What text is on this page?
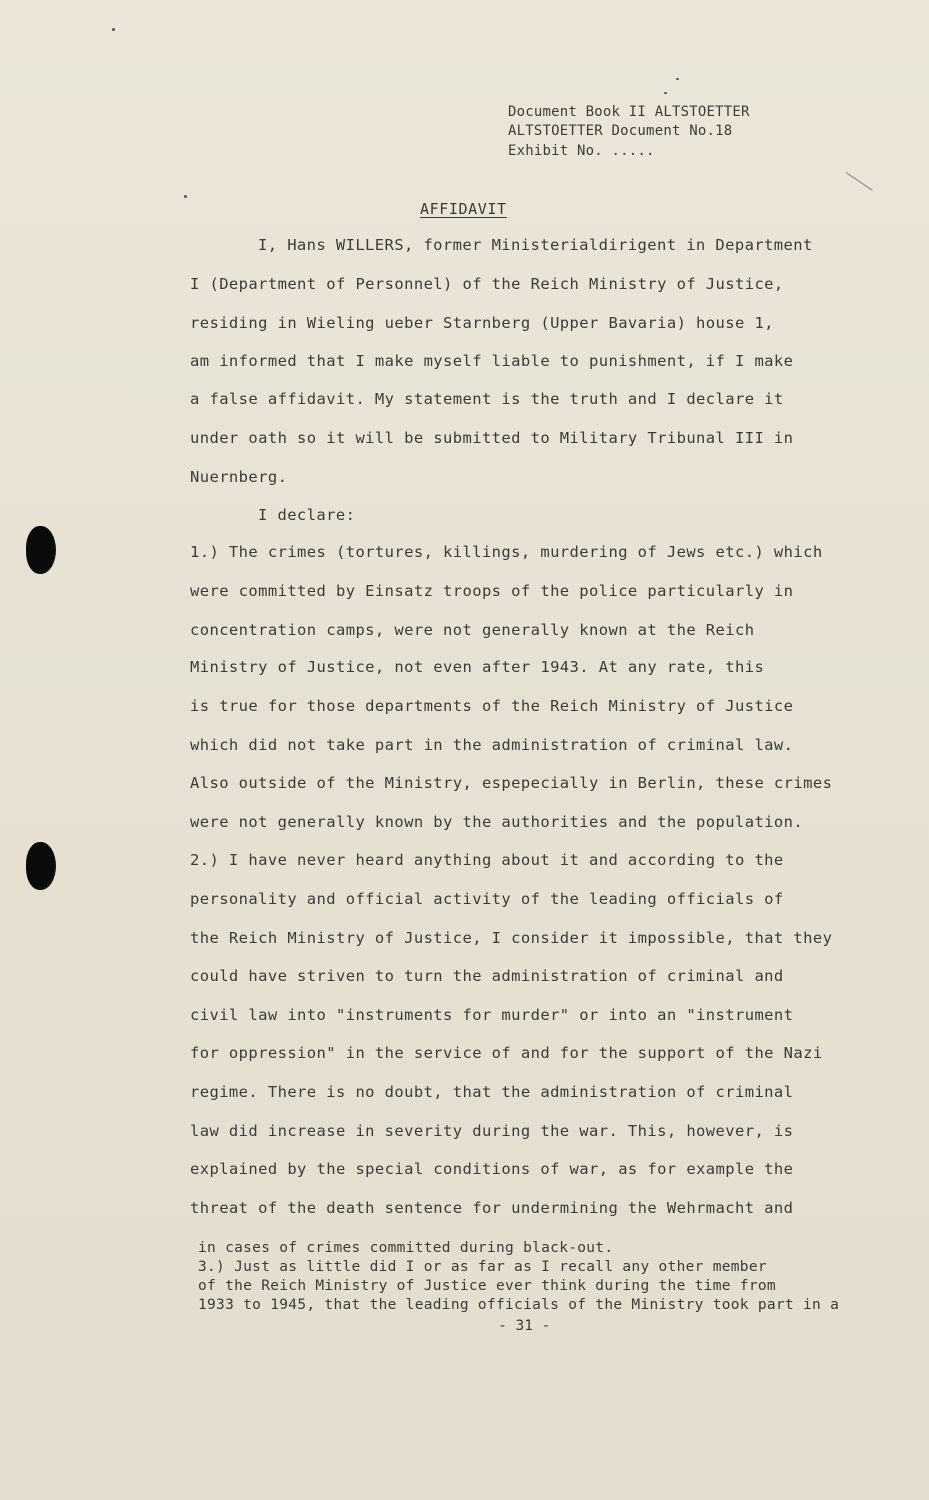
Document Book II ALTSTOETTER
ALTSTOETTER Document No.18
Exhibit No. .....
AFFIDAVIT
I, Hans WILLERS, former Ministerialdirigent in Department
I (Department of Personnel) of the Reich Ministry of Justice,
residing in Wieling ueber Starnberg (Upper Bavaria) house 1,
am informed that I make myself liable to punishment, if I make
a false affidavit. My statement is the truth and I declare it
under oath so it will be submitted to Military Tribunal III in
Nuernberg.
I declare:
1.) The crimes (tortures, killings, murdering of Jews etc.) which
were committed by Einsatz troops of the police particularly in
concentration camps, were not generally known at the Reich
Ministry of Justice, not even after 1943. At any rate, this
is true for those departments of the Reich Ministry of Justice
which did not take part in the administration of criminal law.
Also outside of the Ministry, espepecially in Berlin, these crimes
were not generally known by the authorities and the population.
2.) I have never heard anything about it and according to the
personality and official activity of the leading officials of
the Reich Ministry of Justice, I consider it impossible, that they
could have striven to turn the administration of criminal and
civil law into "instruments for murder" or into an "instrument
for oppression" in the service of and for the support of the Nazi
regime. There is no doubt, that the administration of criminal
law did increase in severity during the war. This, however, is
explained by the special conditions of war, as for example the
threat of the death sentence for undermining the Wehrmacht and
in cases of crimes committed during black-out.
3.) Just as little did I or as far as I recall any other member
of the Reich Ministry of Justice ever think during the time from
1933 to 1945, that the leading officials of the Ministry took part in a
- 31 -
